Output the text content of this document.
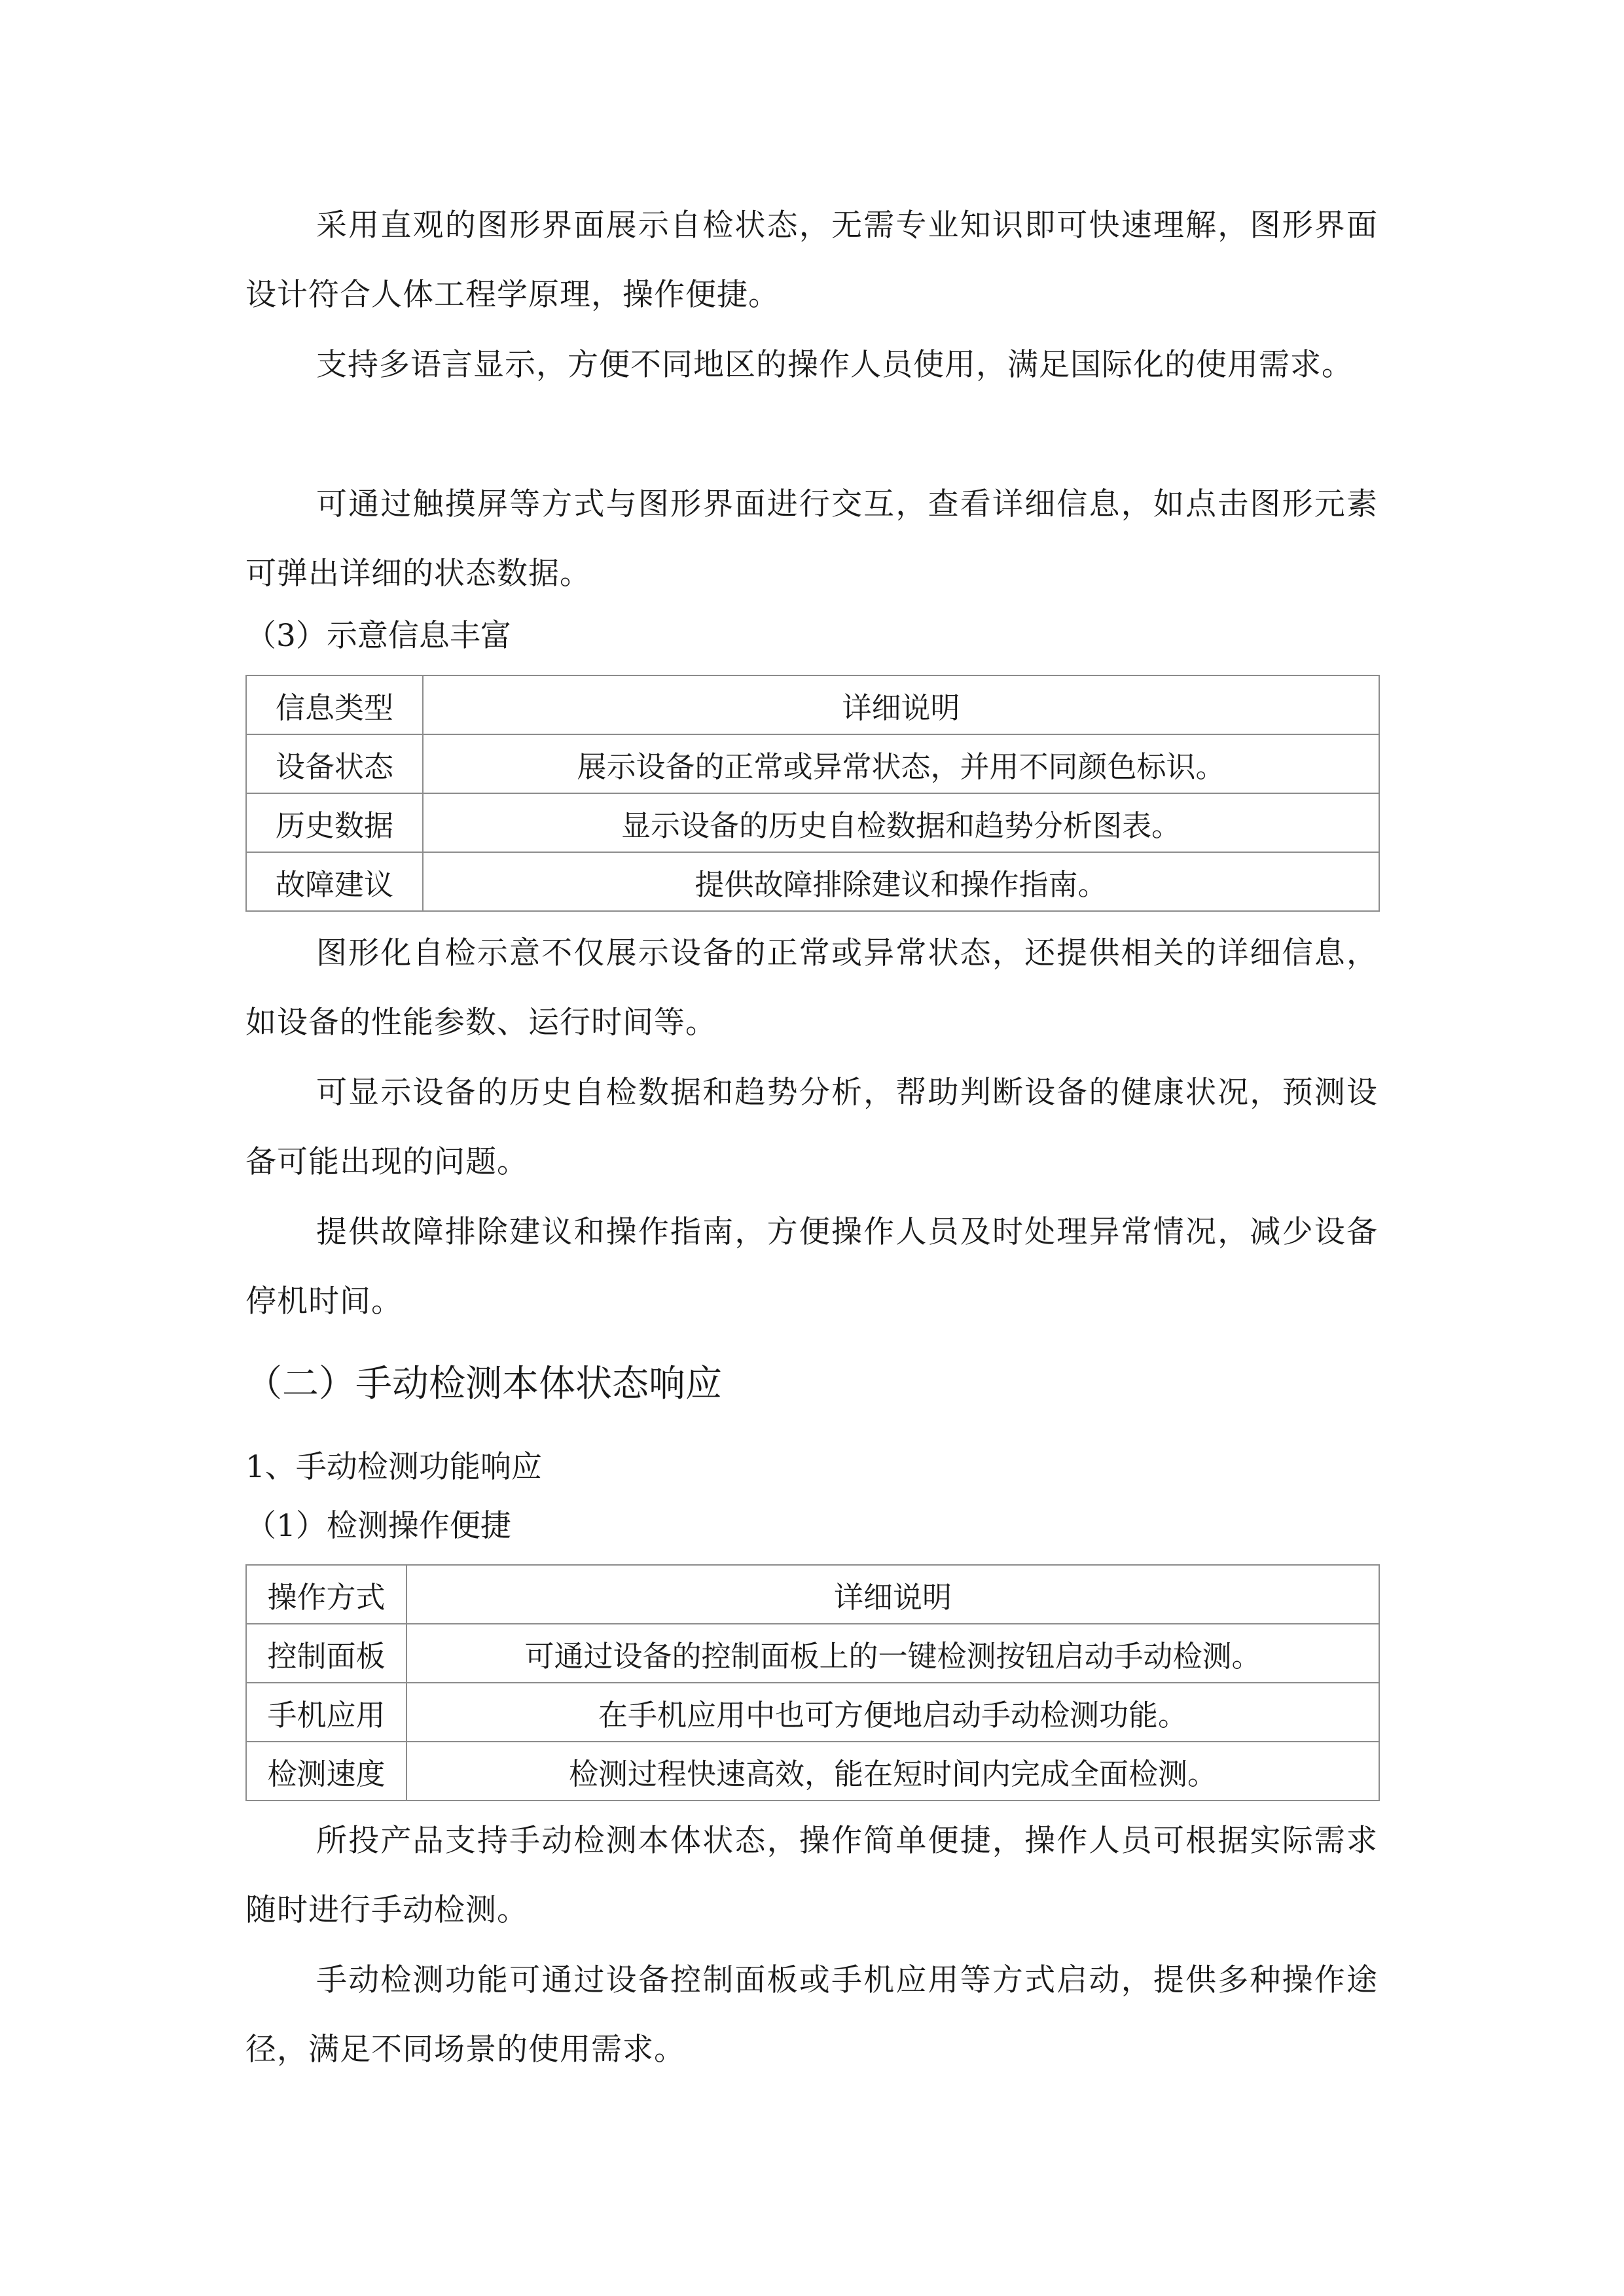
采用直观的图形界面展示自检状态，无需专业知识即可快速理解，图形界面设计符合人体工程学原理，操作便捷。

支持多语言显示，方便不同地区的操作人员使用，满足国际化的使用需求。

可通过触摸屏等方式与图形界面进行交互，查看详细信息，如点击图形元素可弹出详细的状态数据。

（3）示意信息丰富

信息类型	详细说明
设备状态	展示设备的正常或异常状态，并用不同颜色标识。
历史数据	显示设备的历史自检数据和趋势分析图表。
故障建议	提供故障排除建议和操作指南。

图形化自检示意不仅展示设备的正常或异常状态，还提供相关的详细信息，如设备的性能参数、运行时间等。

可显示设备的历史自检数据和趋势分析，帮助判断设备的健康状况，预测设备可能出现的问题。

提供故障排除建议和操作指南，方便操作人员及时处理异常情况，减少设备停机时间。

（二）手动检测本体状态响应

1、手动检测功能响应

（1）检测操作便捷

操作方式	详细说明
控制面板	可通过设备的控制面板上的一键检测按钮启动手动检测。
手机应用	在手机应用中也可方便地启动手动检测功能。
检测速度	检测过程快速高效，能在短时间内完成全面检测。

所投产品支持手动检测本体状态，操作简单便捷，操作人员可根据实际需求随时进行手动检测。

手动检测功能可通过设备控制面板或手机应用等方式启动，提供多种操作途径，满足不同场景的使用需求。
